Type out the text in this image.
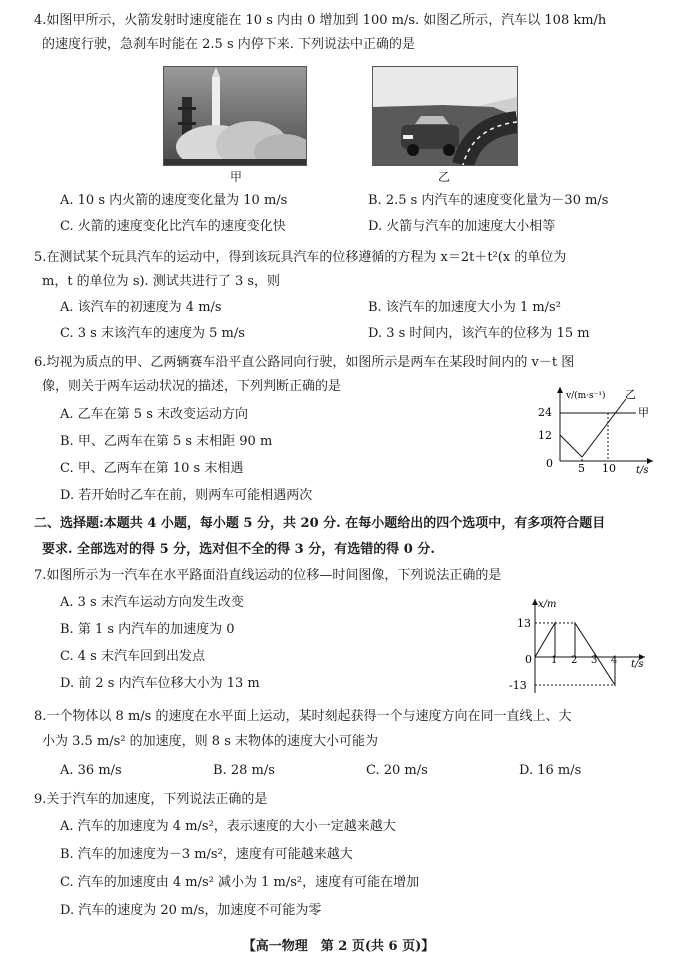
4.如图甲所示，火箭发射时速度能在 10 s 内由 0 增加到 100 m/s. 如图乙所示，汽车以 108 km/h
的速度行驶，急刹车时能在 2.5 s 内停下来. 下列说法中正确的是
甲	乙
A. 10 s 内火箭的速度变化量为 10 m/s	B. 2.5 s 内汽车的速度变化量为－30 m/s
C. 火箭的速度变化比汽车的速度变化快	D. 火箭与汽车的加速度大小相等
5.在测试某个玩具汽车的运动中，得到该玩具汽车的位移遵循的方程为 x＝2t＋t²(x 的单位为
m，t 的单位为 s). 测试共进行了 3 s，则
A. 该汽车的初速度为 4 m/s	B. 该汽车的加速度大小为 1 m/s²
C. 3 s 末该汽车的速度为 5 m/s	D. 3 s 时间内，该汽车的位移为 15 m
6.均视为质点的甲、乙两辆赛车沿平直公路同向行驶，如图所示是两车在某段时间内的 v－t 图
像，则关于两车运动状况的描述，下列判断正确的是
A. 乙车在第 5 s 末改变运动方向
B. 甲、乙两车在第 5 s 末相距 90 m
C. 甲、乙两车在第 10 s 末相遇
D. 若开始时乙车在前，则两车可能相遇两次
v/(m·s⁻¹) 乙
甲
24
12
0 5 10 t/s
二、选择题:本题共 4 小题，每小题 5 分，共 20 分. 在每小题给出的四个选项中，有多项符合题目
要求. 全部选对的得 5 分，选对但不全的得 3 分，有选错的得 0 分.
7.如图所示为一汽车在水平路面沿直线运动的位移—时间图像，下列说法正确的是
A. 3 s 末汽车运动方向发生改变
B. 第 1 s 内汽车的加速度为 0
C. 4 s 末汽车回到出发点
D. 前 2 s 内汽车位移大小为 13 m
x/m
13
-13
0 1 2 3 4 t/s
8.一个物体以 8 m/s 的速度在水平面上运动，某时刻起获得一个与速度方向在同一直线上、大
小为 3.5 m/s² 的加速度，则 8 s 末物体的速度大小可能为
A. 36 m/s	B. 28 m/s	C. 20 m/s	D. 16 m/s
9.关于汽车的加速度，下列说法正确的是
A. 汽车的加速度为 4 m/s²，表示速度的大小一定越来越大
B. 汽车的加速度为－3 m/s²，速度有可能越来越大
C. 汽车的加速度由 4 m/s² 减小为 1 m/s²，速度有可能在增加
D. 汽车的速度为 20 m/s，加速度不可能为零
【高一物理　第 2 页(共 6 页)】
